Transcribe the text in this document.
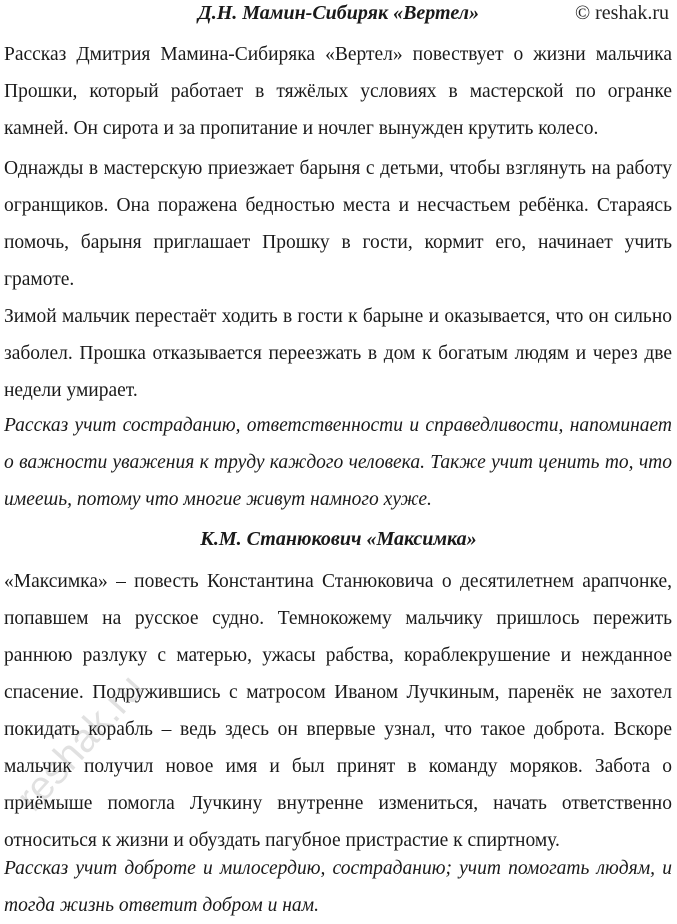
Д.Н. Мамин-Сибиряк «Вертел»	© reshak.ru

Рассказ Дмитрия Мамина-Сибиряка «Вертел» повествует о жизни мальчика Прошки, который работает в тяжёлых условиях в мастерской по огранке камней. Он сирота и за пропитание и ночлег вынужден крутить колесо.

Однажды в мастерскую приезжает барыня с детьми, чтобы взглянуть на работу огранщиков. Она поражена бедностью места и несчастьем ребёнка. Стараясь помочь, барыня приглашает Прошку в гости, кормит его, начинает учить грамоте.

Зимой мальчик перестаёт ходить в гости к барыне и оказывается, что он сильно заболел. Прошка отказывается переезжать в дом к богатым людям и через две недели умирает.

Рассказ учит состраданию, ответственности и справедливости, напоминает о важности уважения к труду каждого человека. Также учит ценить то, что имеешь, потому что многие живут намного хуже.

К.М. Станюкович «Максимка»

«Максимка» – повесть Константина Станюковича о десятилетнем арапчонке, попавшем на русское судно. Темнокожему мальчику пришлось пережить раннюю разлуку с матерью, ужасы рабства, кораблекрушение и нежданное спасение. Подружившись с матросом Иваном Лучкиным, паренёк не захотел покидать корабль – ведь здесь он впервые узнал, что такое доброта. Вскоре мальчик получил новое имя и был принят в команду моряков. Забота о приёмыше помогла Лучкину внутренне измениться, начать ответственно относиться к жизни и обуздать пагубное пристрастие к спиртному.

Рассказ учит доброте и милосердию, состраданию; учит помогать людям, и тогда жизнь ответит добром и нам.

reshak.ru
